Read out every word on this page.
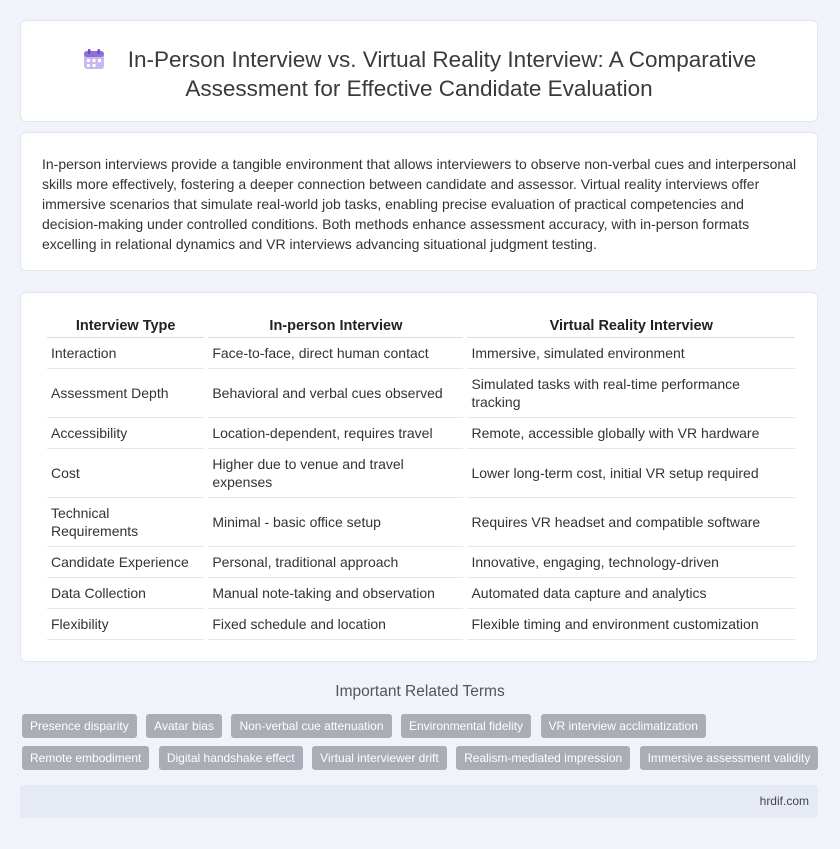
In-Person Interview vs. Virtual Reality Interview: A Comparative
Assessment for Effective Candidate Evaluation
In-person interviews provide a tangible environment that allows interviewers to observe non-verbal cues and interpersonal skills more effectively, fostering a deeper connection between candidate and assessor. Virtual reality interviews offer immersive scenarios that simulate real-world job tasks, enabling precise evaluation of practical competencies and decision-making under controlled conditions. Both methods enhance assessment accuracy, with in-person formats excelling in relational dynamics and VR interviews advancing situational judgment testing.
Interview Type	In-person Interview	Virtual Reality Interview
Interaction	Face-to-face, direct human contact	Immersive, simulated environment
Assessment Depth	Behavioral and verbal cues observed	Simulated tasks with real-time performance tracking
Accessibility	Location-dependent, requires travel	Remote, accessible globally with VR hardware
Cost	Higher due to venue and travel expenses	Lower long-term cost, initial VR setup required
Technical Requirements	Minimal - basic office setup	Requires VR headset and compatible software
Candidate Experience	Personal, traditional approach	Innovative, engaging, technology-driven
Data Collection	Manual note-taking and observation	Automated data capture and analytics
Flexibility	Fixed schedule and location	Flexible timing and environment customization
Important Related Terms
Presence disparity Avatar bias Non-verbal cue attenuation Environmental fidelity VR interview acclimatization
Remote embodiment Digital handshake effect Virtual interviewer drift Realism-mediated impression Immersive assessment validity
hrdif.com
